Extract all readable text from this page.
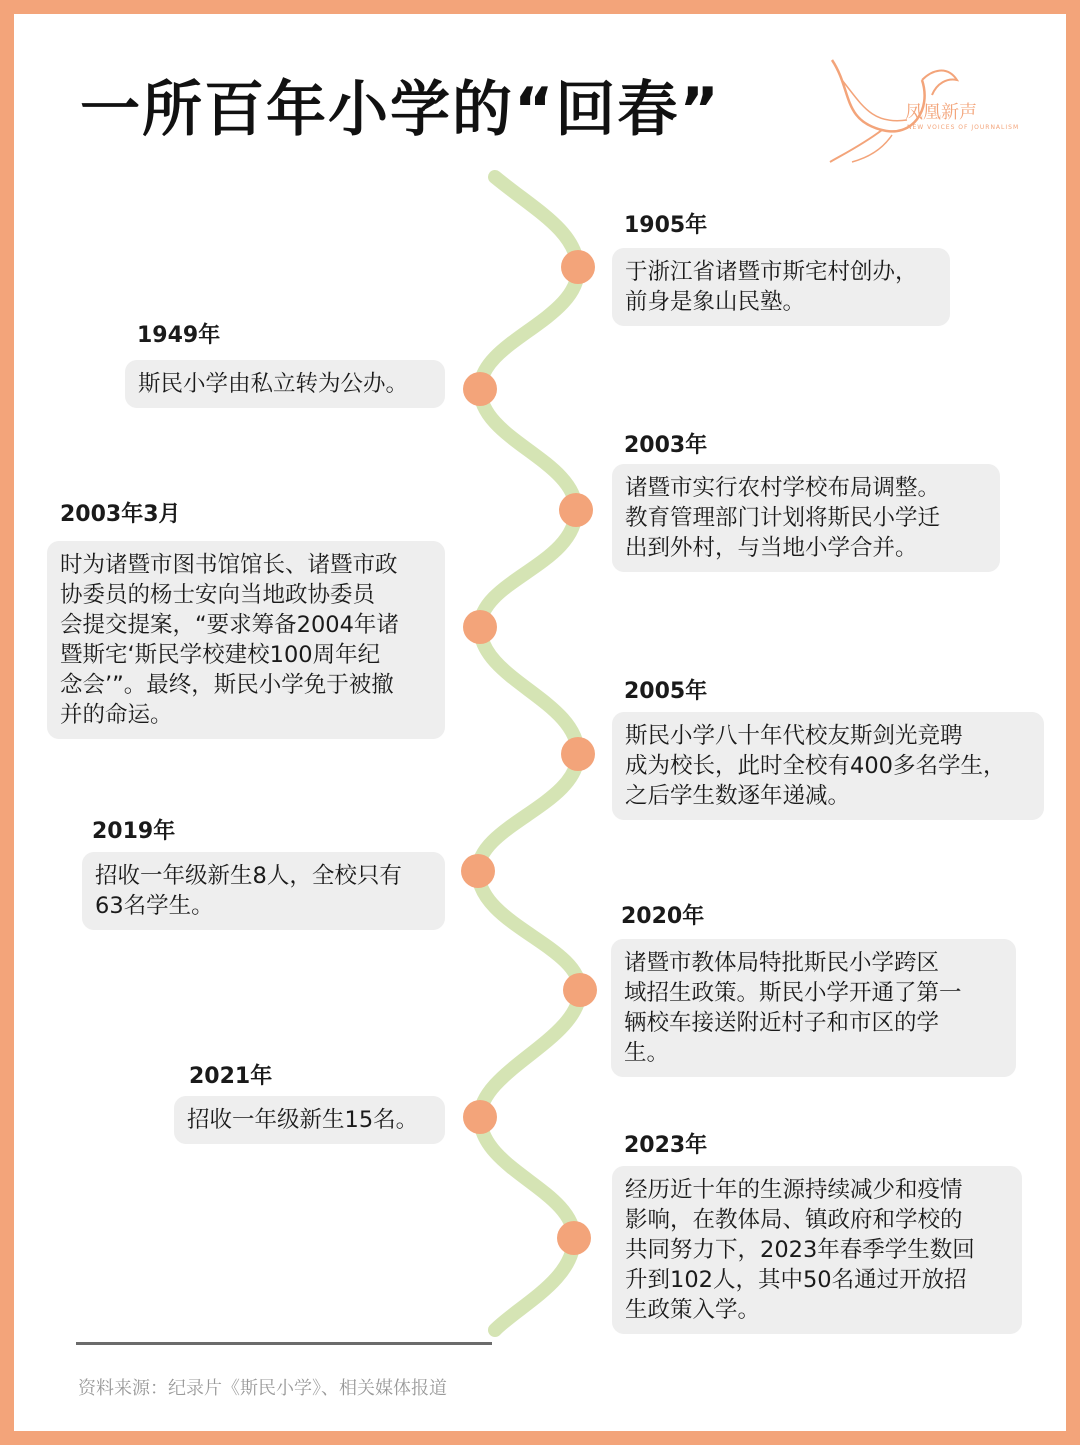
一所百年小学的“回春”	凤凰新声
NEW VOICES OF JOURNALISM
1905年
于浙江省诸暨市斯宅村创办，
前身是象山民塾。
1949年
斯民小学由私立转为公办。
2003年
诸暨市实行农村学校布局调整。
教育管理部门计划将斯民小学迁
出到外村，与当地小学合并。
2003年3月
时为诸暨市图书馆馆长、诸暨市政
协委员的杨士安向当地政协委员
会提交提案，“要求筹备2004年诸
暨斯宅‘斯民学校建校100周年纪
念会’”。最终，斯民小学免于被撤
并的命运。
2005年
斯民小学八十年代校友斯剑光竞聘
成为校长，此时全校有400多名学生，
之后学生数逐年递减。
2019年
招收一年级新生8人，全校只有
63名学生。	2020年
诸暨市教体局特批斯民小学跨区
域招生政策。斯民小学开通了第一
辆校车接送附近村子和市区的学
生。
2021年
招收一年级新生15名。
2023年
经历近十年的生源持续减少和疫情
影响，在教体局、镇政府和学校的
共同努力下，2023年春季学生数回
升到102人，其中50名通过开放招
生政策入学。
资料来源：纪录片《斯民小学》、相关媒体报道
